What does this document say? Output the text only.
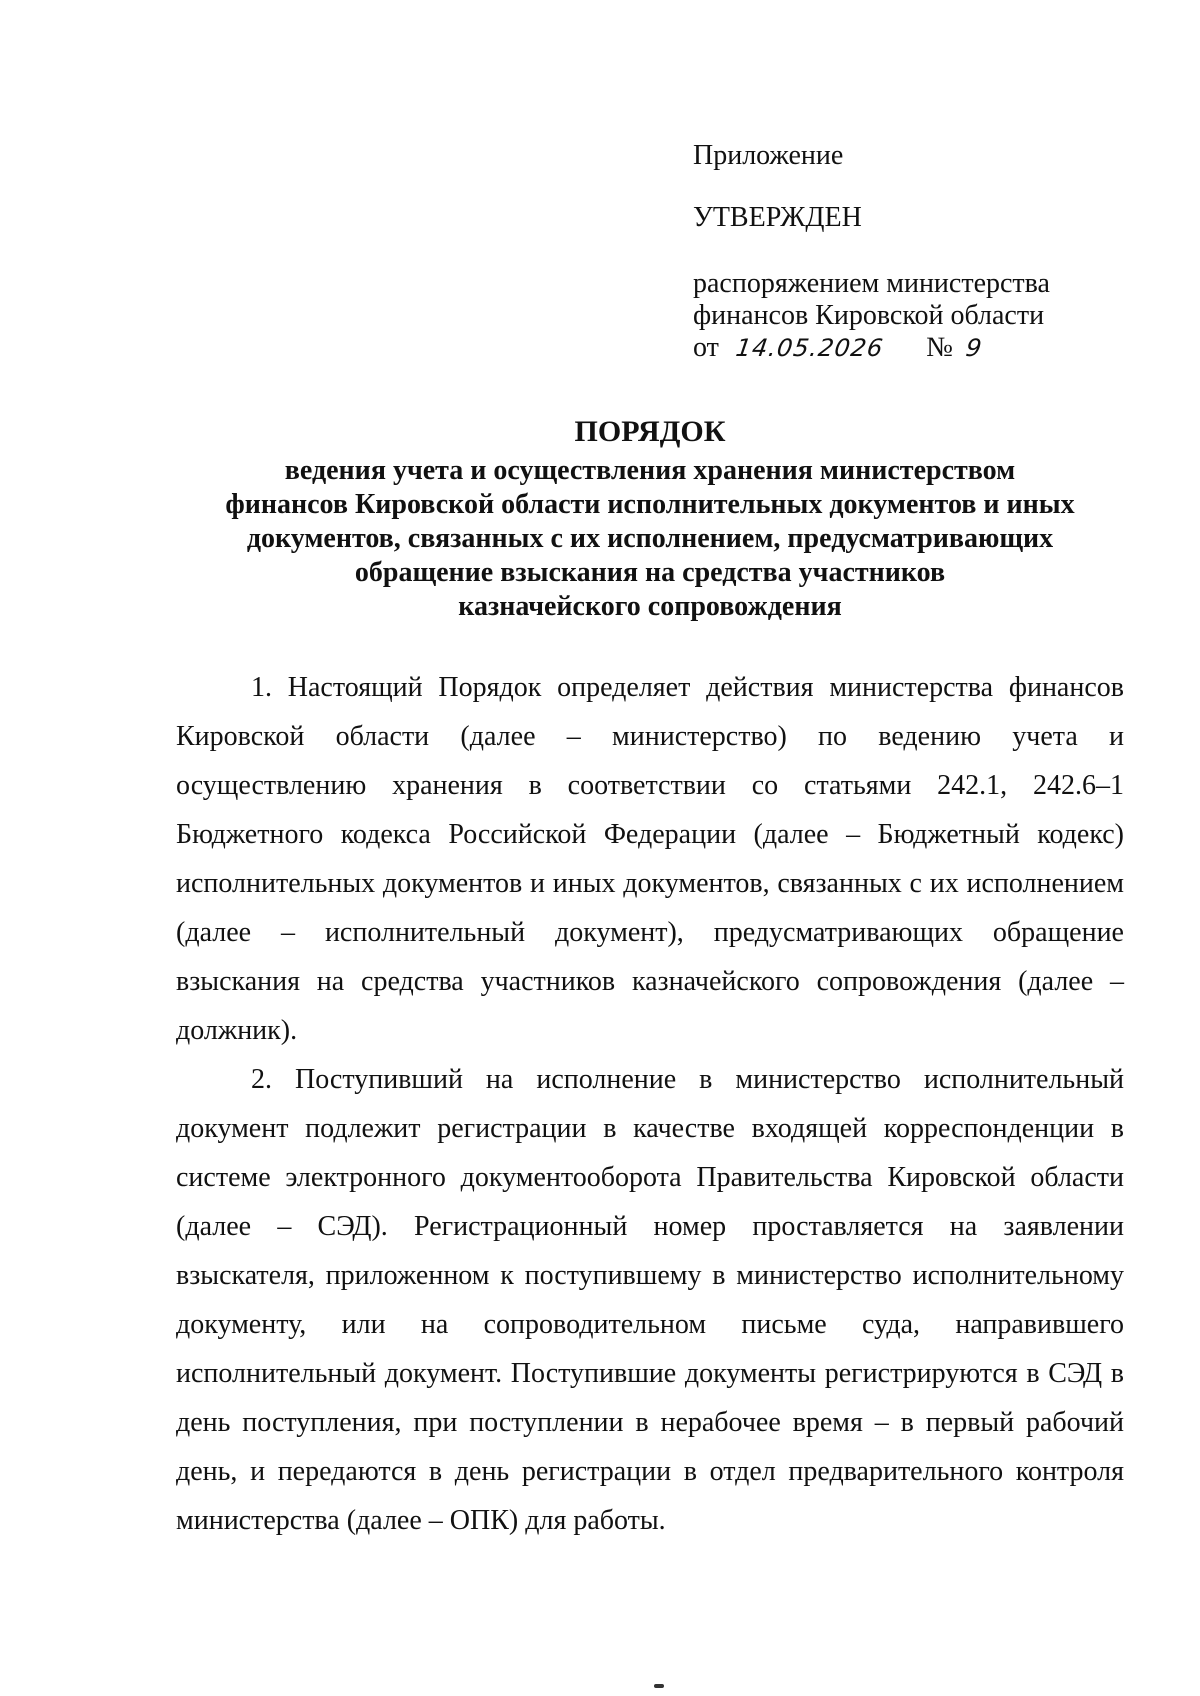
Приложение
УТВЕРЖДЕН
распоряжением министерства
финансов Кировской области
от 14.05.2026 № 9
ПОРЯДОК
ведения учета и осуществления хранения министерством
финансов Кировской области исполнительных документов и иных
документов, связанных с их исполнением, предусматривающих
обращение взыскания на средства участников
казначейского сопровождения

1. Настоящий Порядок определяет действия министерства финансов Кировской области (далее – министерство) по ведению учета и осуществлению хранения в соответствии со статьями 242.1, 242.6–1 Бюджетного кодекса Российской Федерации (далее – Бюджетный кодекс) исполнительных документов и иных документов, связанных с их исполнением (далее – исполнительный документ), предусматривающих обращение взыскания на средства участников казначейского сопровождения (далее – должник).

2. Поступивший на исполнение в министерство исполнительный документ подлежит регистрации в качестве входящей корреспонденции в системе электронного документооборота Правительства Кировской области (далее – СЭД). Регистрационный номер проставляется на заявлении взыскателя, приложенном к поступившему в министерство исполнительному документу, или на сопроводительном письме суда, направившего исполнительный документ. Поступившие документы регистрируются в СЭД в день поступления, при поступлении в нерабочее время – в первый рабочий день, и передаются в день регистрации в отдел предварительного контроля министерства (далее – ОПК) для работы.
